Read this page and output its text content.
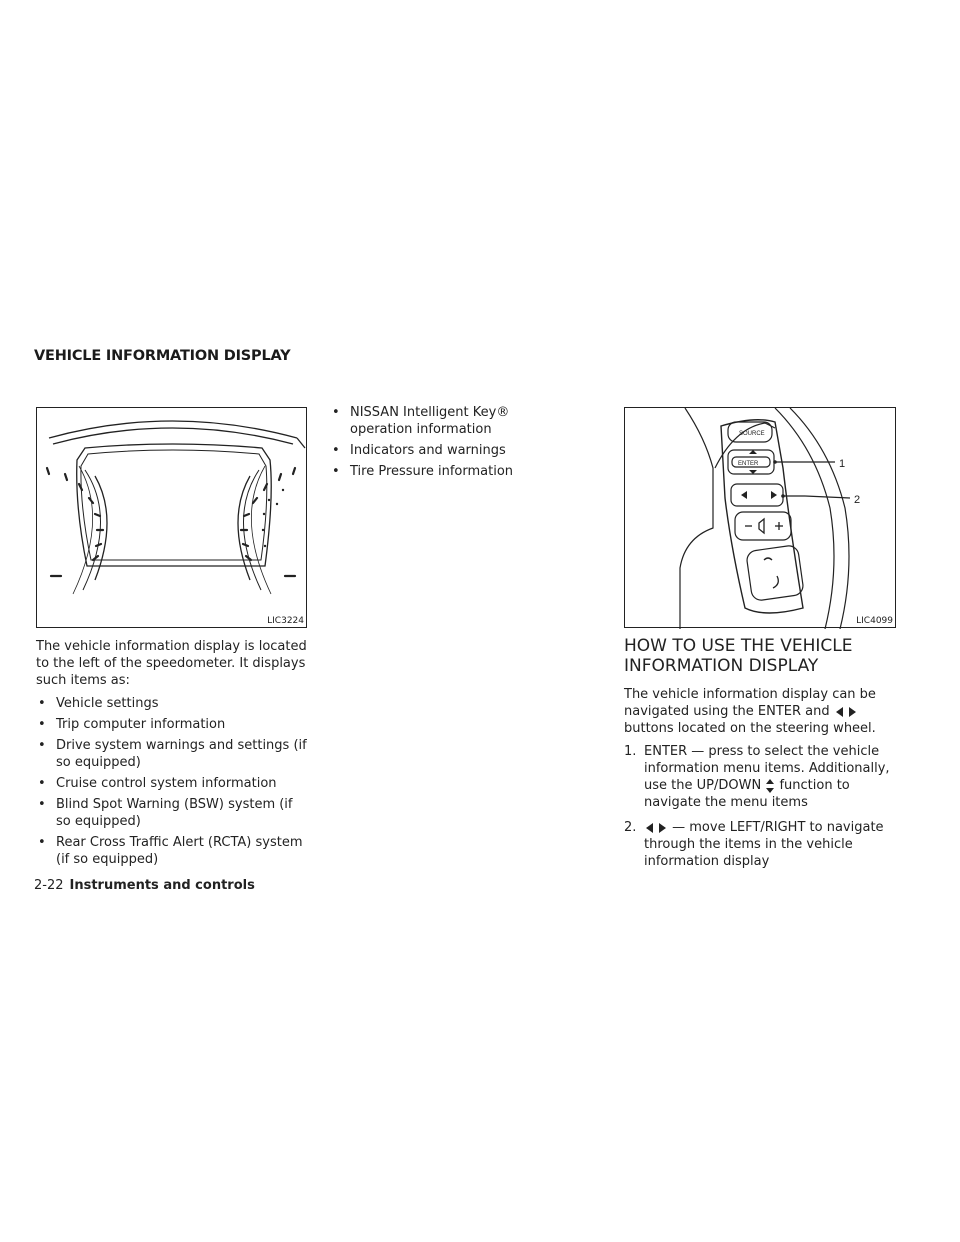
VEHICLE INFORMATION DISPLAY
LIC3224

The vehicle information display is located to the left of the speedometer. It displays such items as:

• Vehicle settings
• Trip computer information
• Drive system warnings and settings (if so equipped)
• Cruise control system information
• Blind Spot Warning (BSW) system (if so equipped)
• Rear Cross Traffic Alert (RCTA) system (if so equipped)
• NISSAN Intelligent Key® operation information
• Indicators and warnings
• Tire Pressure information
SOURCE
ENTER	1
2
LIC4099
HOW TO USE THE VEHICLE INFORMATION DISPLAY

The vehicle information display can be navigated using the ENTER and  buttons located on the steering wheel.

1. ENTER — press to select the vehicle information menu items. Additionally, use the UP/DOWN function to navigate the menu items
2.	— move LEFT/RIGHT to navigate through the items in the vehicle information display
2-22 Instruments and controls
